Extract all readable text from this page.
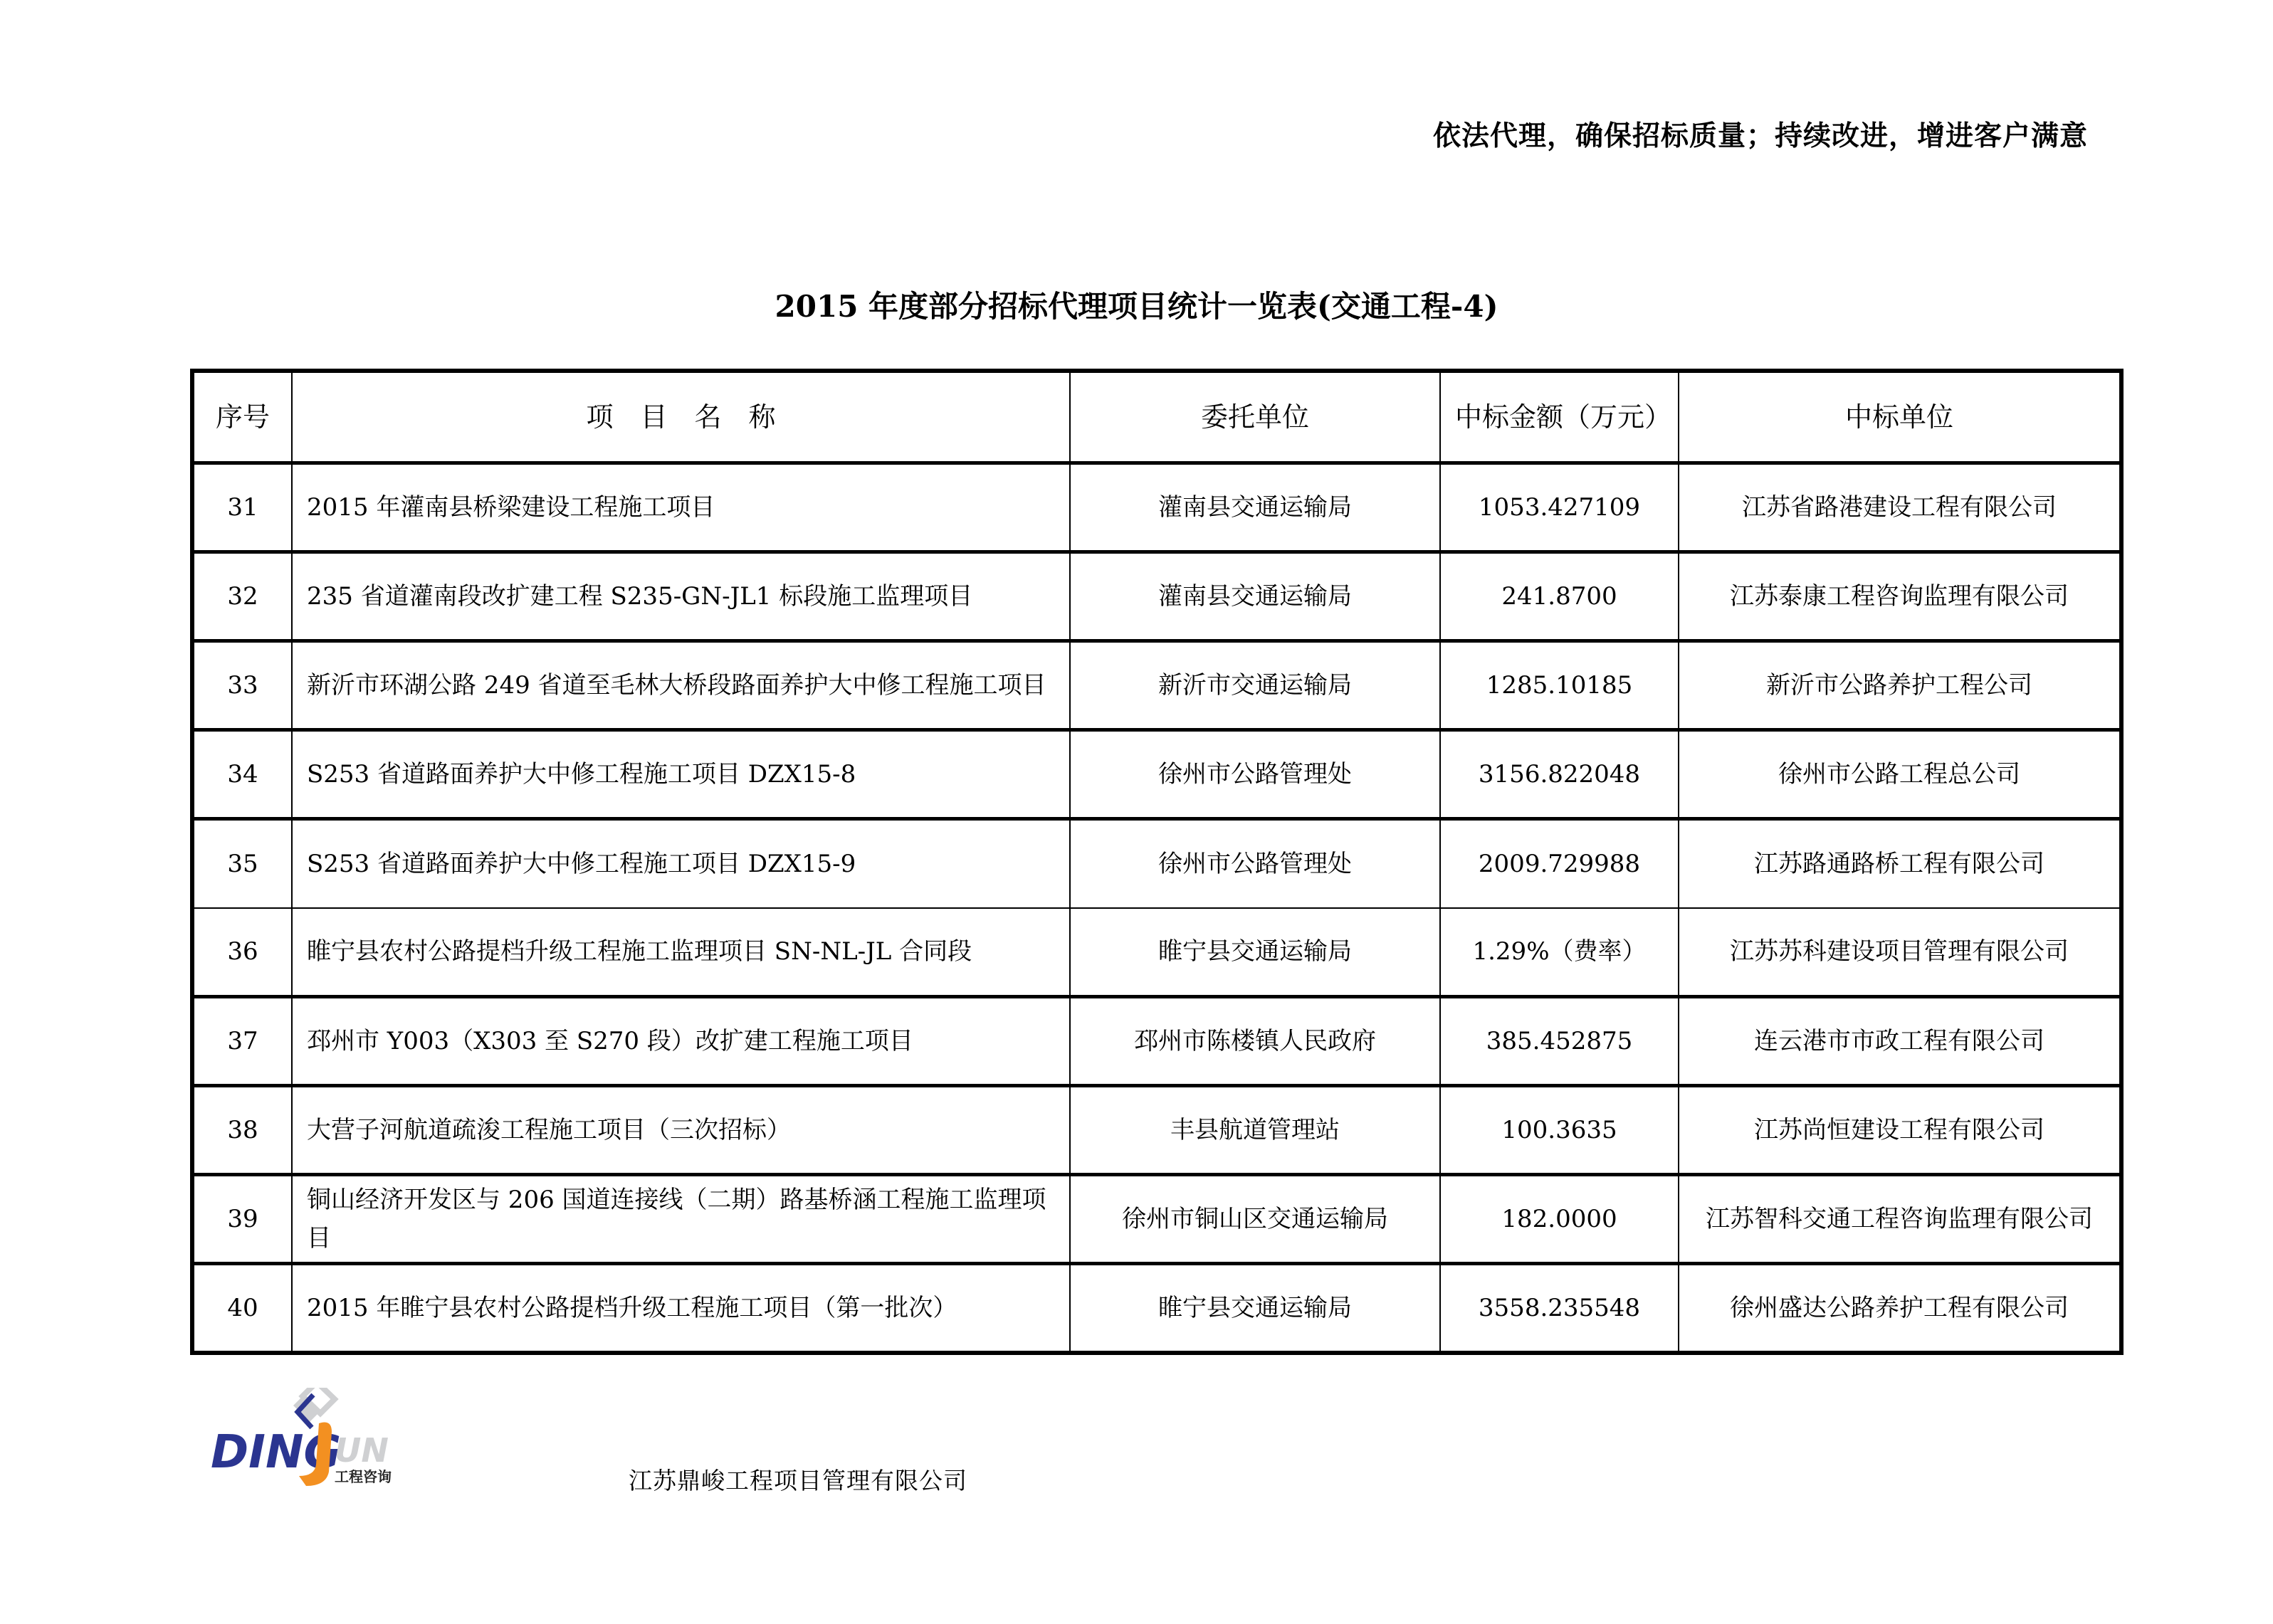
依法代理，确保招标质量；持续改进，增进客户满意
2015 年度部分招标代理项目统计一览表(交通工程-4)
序号	项　目　名　称	委托单位	中标金额（万元）	中标单位
31	2015 年灌南县桥梁建设工程施工项目	灌南县交通运输局	1053.427109	江苏省路港建设工程有限公司
32	235 省道灌南段改扩建工程 S235-GN-JL1 标段施工监理项目	灌南县交通运输局	241.8700	江苏泰康工程咨询监理有限公司
33	新沂市环湖公路 249 省道至毛林大桥段路面养护大中修工程施工项目	新沂市交通运输局	1285.10185	新沂市公路养护工程公司
34	S253 省道路面养护大中修工程施工项目 DZX15-8	徐州市公路管理处	3156.822048	徐州市公路工程总公司
35	S253 省道路面养护大中修工程施工项目 DZX15-9	徐州市公路管理处	2009.729988	江苏路通路桥工程有限公司
36	睢宁县农村公路提档升级工程施工监理项目 SN-NL-JL 合同段	睢宁县交通运输局	1.29%（费率）	江苏苏科建设项目管理有限公司
37	邳州市 Y003（X303 至 S270 段）改扩建工程施工项目	邳州市陈楼镇人民政府	385.452875	连云港市市政工程有限公司
38	大营子河航道疏浚工程施工项目（三次招标）	丰县航道管理站	100.3635	江苏尚恒建设工程有限公司
39	铜山经济开发区与 206 国道连接线（二期）路基桥涵工程施工监理项目	徐州市铜山区交通运输局	182.0000	江苏智科交通工程咨询监理有限公司
40	2015 年睢宁县农村公路提档升级工程施工项目（第一批次）	睢宁县交通运输局	3558.235548	徐州盛达公路养护工程有限公司
DING
UN
工程咨询	江苏鼎峻工程项目管理有限公司
